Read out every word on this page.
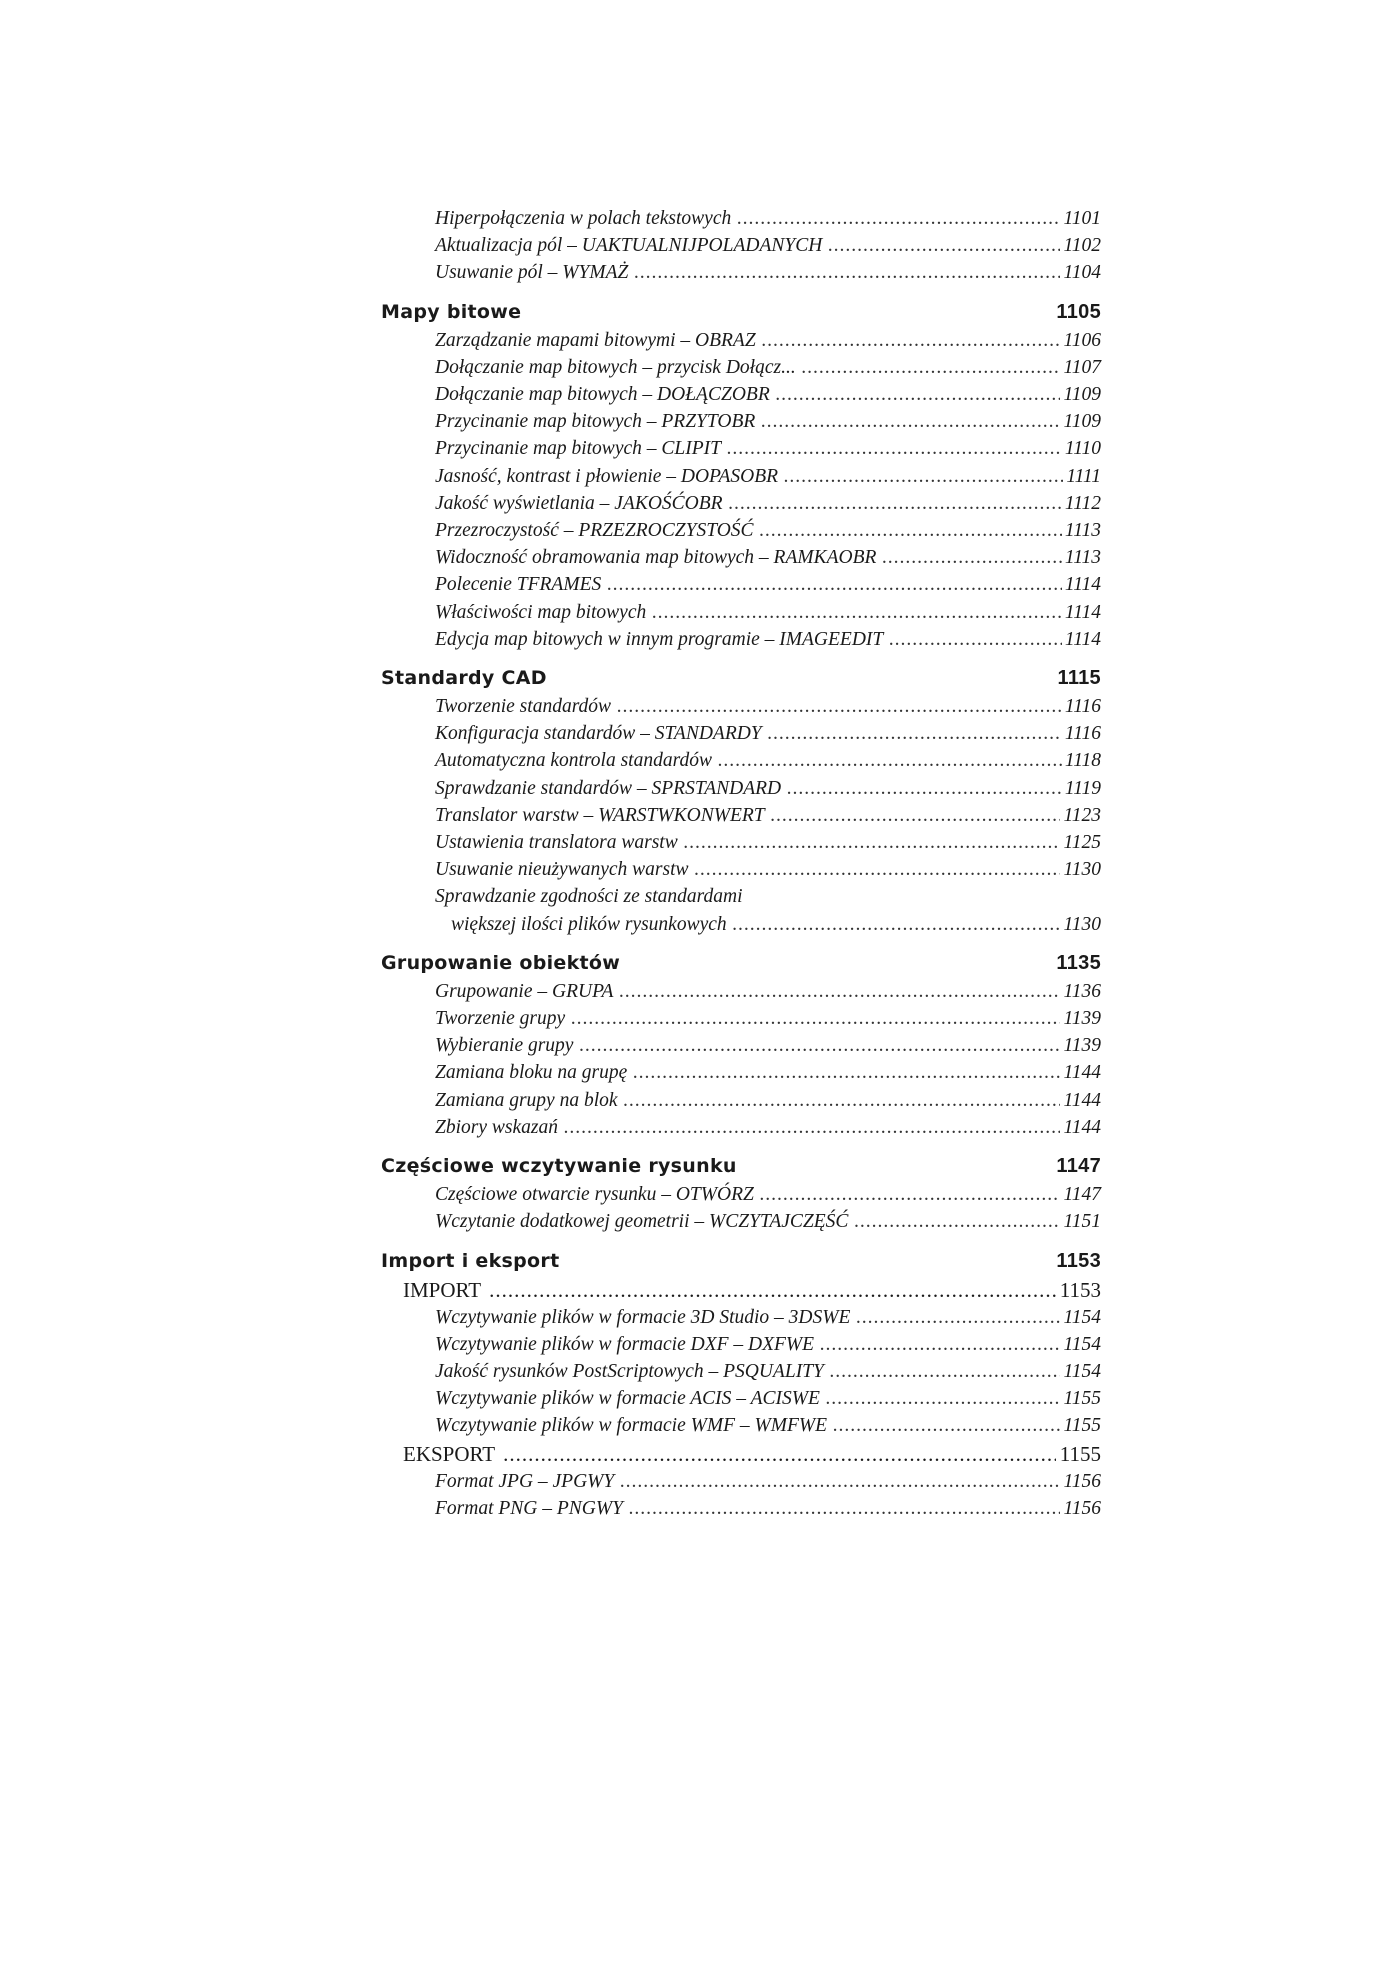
Hiperpołączenia w polach tekstowych .....	1101
Aktualizacja pól – UAKTUALNIJPOLADANYCH .....	1102
Usuwanie pól – WYMAŻ .....	1104
Mapy bitowe	1105
Zarządzanie mapami bitowymi – OBRAZ .....	1106
Dołączanie map bitowych – przycisk Dołącz... .....	1107
Dołączanie map bitowych – DOŁĄCZOBR .....	1109
Przycinanie map bitowych – PRZYTOBR .....	1109
Przycinanie map bitowych – CLIPIT .....	1110
Jasność, kontrast i płowienie – DOPASOBR .....	1111
Jakość wyświetlania – JAKOŚĆOBR .....	1112
Przezroczystość – PRZEZROCZYSTOŚĆ .....	1113
Widoczność obramowania map bitowych – RAMKAOBR .....	1113
Polecenie TFRAMES .....	1114
Właściwości map bitowych .....	1114
Edycja map bitowych w innym programie – IMAGEEDIT .....	1114
Standardy CAD	1115
Tworzenie standardów .....	1116
Konfiguracja standardów – STANDARDY .....	1116
Automatyczna kontrola standardów .....	1118
Sprawdzanie standardów – SPRSTANDARD .....	1119
Translator warstw – WARSTWKONWERT .....	1123
Ustawienia translatora warstw .....	1125
Usuwanie nieużywanych warstw .....	1130
Sprawdzanie zgodności ze standardami
większej ilości plików rysunkowych .....	1130
Grupowanie obiektów	1135
Grupowanie – GRUPA .....	1136
Tworzenie grupy .....	1139
Wybieranie grupy .....	1139
Zamiana bloku na grupę .....	1144
Zamiana grupy na blok .....	1144
Zbiory wskazań .....	1144
Częściowe wczytywanie rysunku	1147
Częściowe otwarcie rysunku – OTWÓRZ .....	1147
Wczytanie dodatkowej geometrii – WCZYTAJCZĘŚĆ .....	1151
Import i eksport	1153
IMPORT .....	1153
Wczytywanie plików w formacie 3D Studio – 3DSWE .....	1154
Wczytywanie plików w formacie DXF – DXFWE .....	1154
Jakość rysunków PostScriptowych – PSQUALITY .....	1154
Wczytywanie plików w formacie ACIS – ACISWE .....	1155
Wczytywanie plików w formacie WMF – WMFWE .....	1155
EKSPORT .....	1155
Format JPG – JPGWY .....	1156
Format PNG – PNGWY .....	1156
